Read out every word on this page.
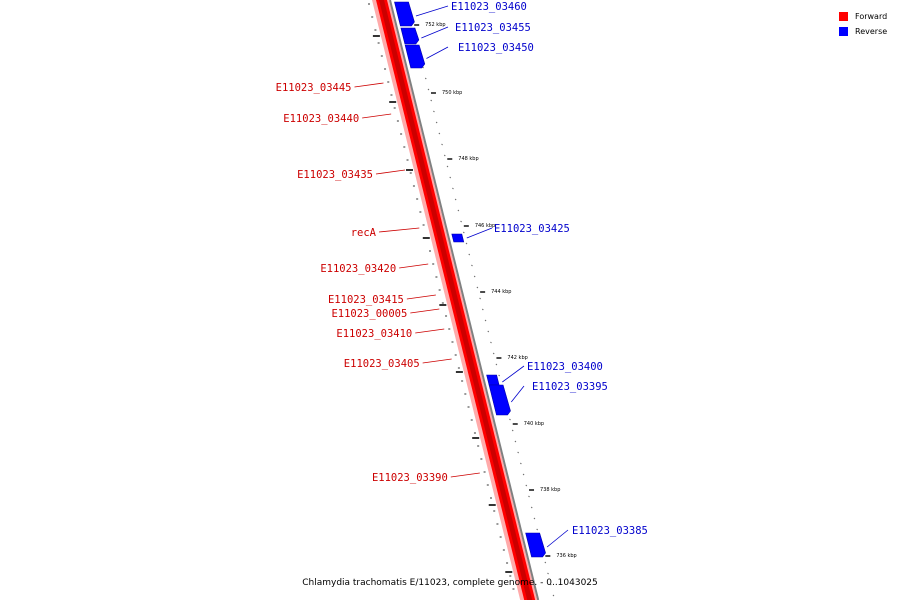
752 kbp
750 kbp
748 kbp
746 kbp
744 kbp
742 kbp
740 kbp
738 kbp
736 kbp
E11023_03460
E11023_03455
E11023_03450
E11023_03425
E11023_03400
E11023_03395
E11023_03385
E11023_03445
E11023_03440
E11023_03435
recA
E11023_03420
E11023_03415
E11023_00005
E11023_03410
E11023_03405
E11023_03390
Forward
Reverse
Chlamydia trachomatis E/11023, complete genome. - 0..1043025
